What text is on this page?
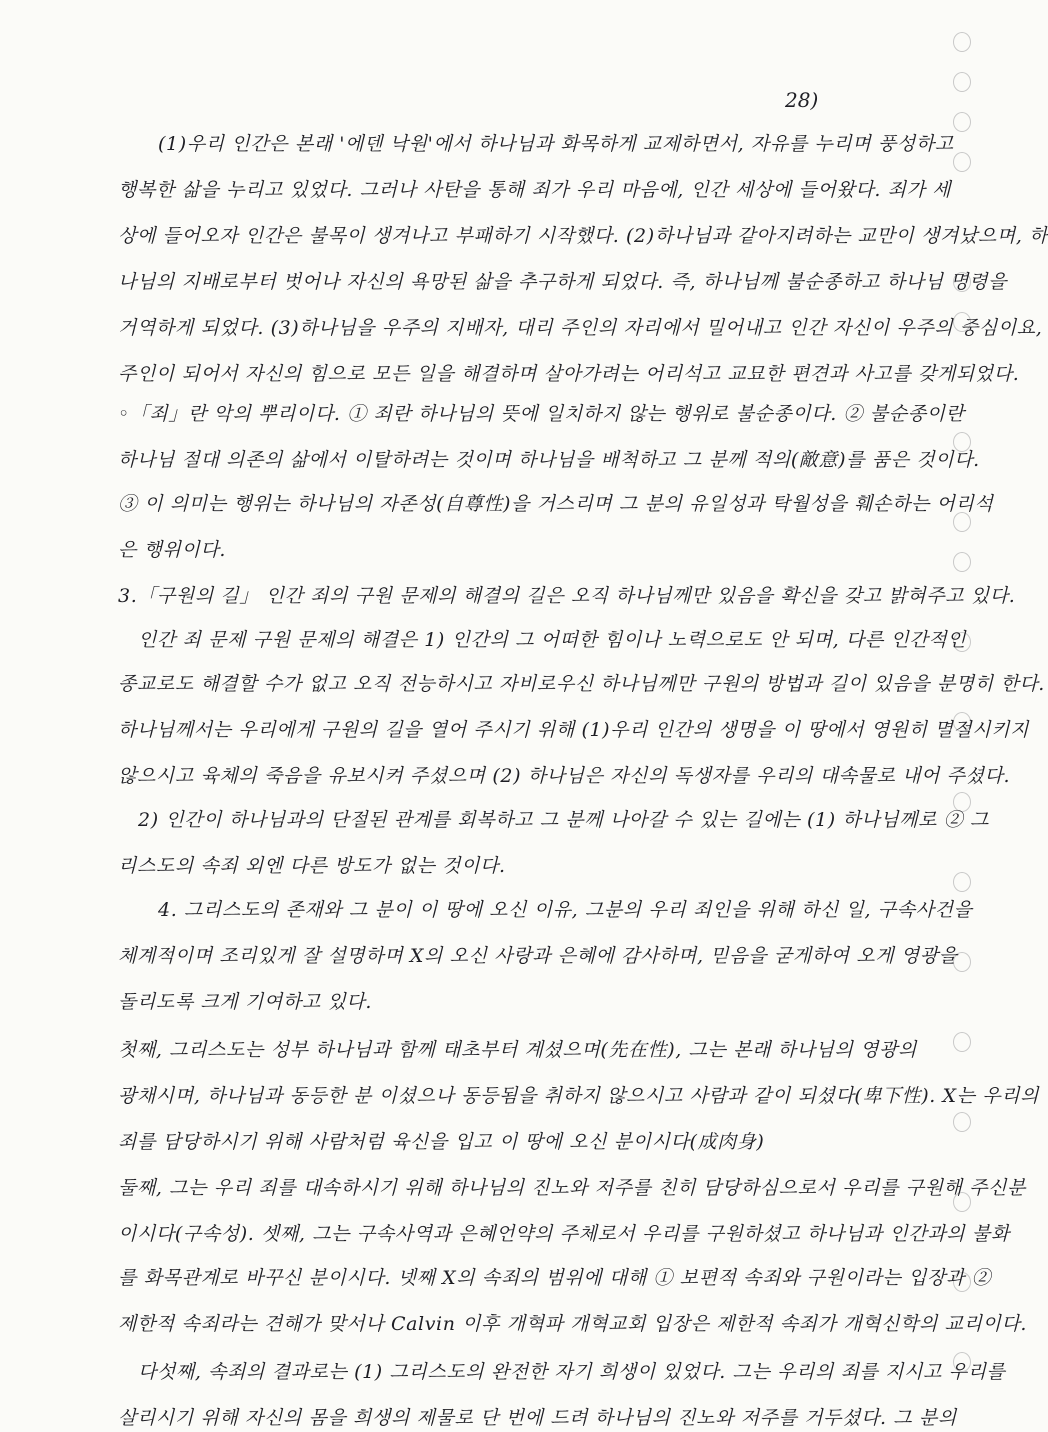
28)
(1)우리 인간은 본래 '에덴 낙원'에서 하나님과 화목하게 교제하면서, 자유를 누리며 풍성하고
행복한 삶을 누리고 있었다. 그러나 사탄을 통해 죄가 우리 마음에, 인간 세상에 들어왔다. 죄가 세
상에 들어오자 인간은 불목이 생겨나고 부패하기 시작했다. (2)하나님과 같아지려하는 교만이 생겨났으며, 하
나님의 지배로부터 벗어나 자신의 욕망된 삶을 추구하게 되었다. 즉, 하나님께 불순종하고 하나님 명령을
거역하게 되었다. (3)하나님을 우주의 지배자, 대리 주인의 자리에서 밀어내고 인간 자신이 우주의 중심이요,
주인이 되어서 자신의 힘으로 모든 일을 해결하며 살아가려는 어리석고 교묘한 편견과 사고를 갖게되었다.
◦「죄」란 악의 뿌리이다. ① 죄란 하나님의 뜻에 일치하지 않는 행위로 불순종이다. ② 불순종이란
하나님 절대 의존의 삶에서 이탈하려는 것이며 하나님을 배척하고 그 분께 적의(敵意)를 품은 것이다.
③ 이 의미는 행위는 하나님의 자존성(自尊性)을 거스리며 그 분의 유일성과 탁월성을 훼손하는 어리석
은 행위이다.
3.「구원의 길」 인간 죄의 구원 문제의 해결의 길은 오직 하나님께만 있음을 확신을 갖고 밝혀주고 있다.
인간 죄 문제 구원 문제의 해결은 1) 인간의 그 어떠한 힘이나 노력으로도 안 되며, 다른 인간적인
종교로도 해결할 수가 없고 오직 전능하시고 자비로우신 하나님께만 구원의 방법과 길이 있음을 분명히 한다.
하나님께서는 우리에게 구원의 길을 열어 주시기 위해 (1)우리 인간의 생명을 이 땅에서 영원히 멸절시키지
않으시고 육체의 죽음을 유보시켜 주셨으며 (2) 하나님은 자신의 독생자를 우리의 대속물로 내어 주셨다.
2) 인간이 하나님과의 단절된 관계를 회복하고 그 분께 나아갈 수 있는 길에는 (1) 하나님께로 ② 그
리스도의 속죄 외엔 다른 방도가 없는 것이다.
4. 그리스도의 존재와 그 분이 이 땅에 오신 이유, 그분의 우리 죄인을 위해 하신 일, 구속사건을
체계적이며 조리있게 잘 설명하며 X의 오신 사랑과 은혜에 감사하며, 믿음을 굳게하여 오게 영광을
돌리도록 크게 기여하고 있다.
첫째, 그리스도는 성부 하나님과 함께 태초부터 계셨으며(先在性), 그는 본래 하나님의 영광의
광채시며, 하나님과 동등한 분 이셨으나 동등됨을 취하지 않으시고 사람과 같이 되셨다(卑下性). X는 우리의
죄를 담당하시기 위해 사람처럼 육신을 입고 이 땅에 오신 분이시다(成肉身)
둘째, 그는 우리 죄를 대속하시기 위해 하나님의 진노와 저주를 친히 담당하심으로서 우리를 구원해 주신분
이시다(구속성). 셋째, 그는 구속사역과 은혜언약의 주체로서 우리를 구원하셨고 하나님과 인간과의 불화
를 화목관계로 바꾸신 분이시다. 넷째 X의 속죄의 범위에 대해 ① 보편적 속죄와 구원이라는 입장과 ②
제한적 속죄라는 견해가 맞서나 Calvin 이후 개혁파 개혁교회 입장은 제한적 속죄가 개혁신학의 교리이다.
다섯째, 속죄의 결과로는 (1) 그리스도의 완전한 자기 희생이 있었다. 그는 우리의 죄를 지시고 우리를
살리시기 위해 자신의 몸을 희생의 제물로 단 번에 드려 하나님의 진노와 저주를 거두셨다. 그 분의
